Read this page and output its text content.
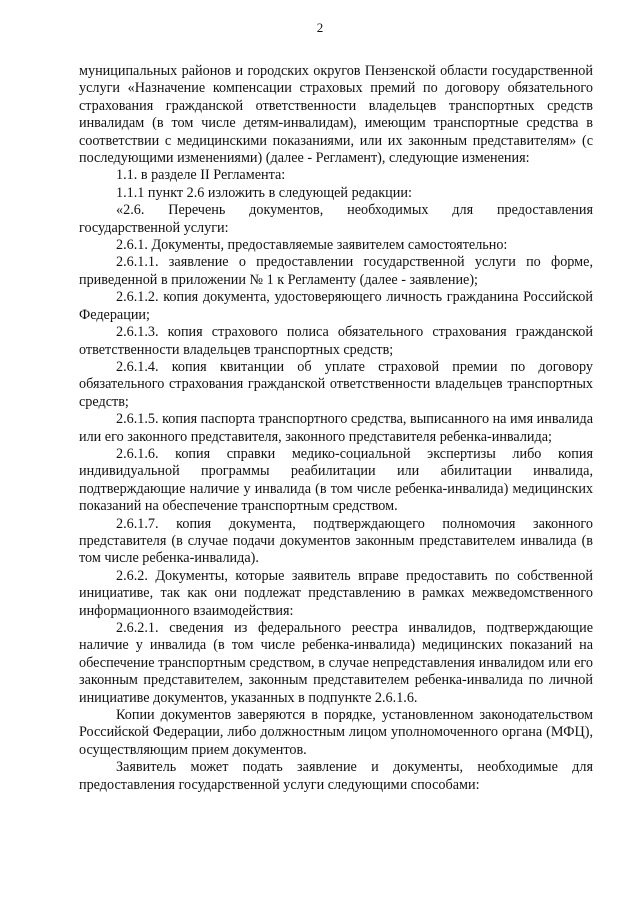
2

муниципальных районов и городских округов Пензенской области государственной услуги «Назначение компенсации страховых премий по договору обязательного страхования гражданской ответственности владельцев транспортных средств инвалидам (в том числе детям-инвалидам), имеющим транспортные средства в соответствии с медицинскими показаниями, или их законным представителям» (с последующими изменениями) (далее - Регламент), следующие изменения:

1.1. в разделе II Регламента:

1.1.1 пункт 2.6 изложить в следующей редакции:

«2.6. Перечень документов, необходимых для предоставления государственной услуги:

2.6.1. Документы, предоставляемые заявителем самостоятельно:

2.6.1.1. заявление о предоставлении государственной услуги по форме, приведенной в приложении № 1 к Регламенту (далее - заявление);

2.6.1.2. копия документа, удостоверяющего личность гражданина Российской Федерации;

2.6.1.3. копия страхового полиса обязательного страхования гражданской ответственности владельцев транспортных средств;

2.6.1.4. копия квитанции об уплате страховой премии по договору обязательного страхования гражданской ответственности владельцев транспортных средств;

2.6.1.5. копия паспорта транспортного средства, выписанного на имя инвалида или его законного представителя, законного представителя ребенка-инвалида;

2.6.1.6. копия справки медико-социальной экспертизы либо копия индивидуальной программы реабилитации или абилитации инвалида, подтверждающие наличие у инвалида (в том числе ребенка-инвалида) медицинских показаний на обеспечение транспортным средством.

2.6.1.7. копия документа, подтверждающего полномочия законного представителя (в случае подачи документов законным представителем инвалида (в том числе ребенка-инвалида).

2.6.2. Документы, которые заявитель вправе предоставить по собственной инициативе, так как они подлежат представлению в рамках межведомственного информационного взаимодействия:

2.6.2.1. сведения из федерального реестра инвалидов, подтверждающие наличие у инвалида (в том числе ребенка-инвалида) медицинских показаний на обеспечение транспортным средством, в случае непредставления инвалидом или его законным представителем, законным представителем ребенка-инвалида по личной инициативе документов, указанных в подпункте 2.6.1.6.

Копии документов заверяются в порядке, установленном законодательством Российской Федерации, либо должностным лицом уполномоченного органа (МФЦ), осуществляющим прием документов.

Заявитель может подать заявление и документы, необходимые для предоставления государственной услуги следующими способами:
